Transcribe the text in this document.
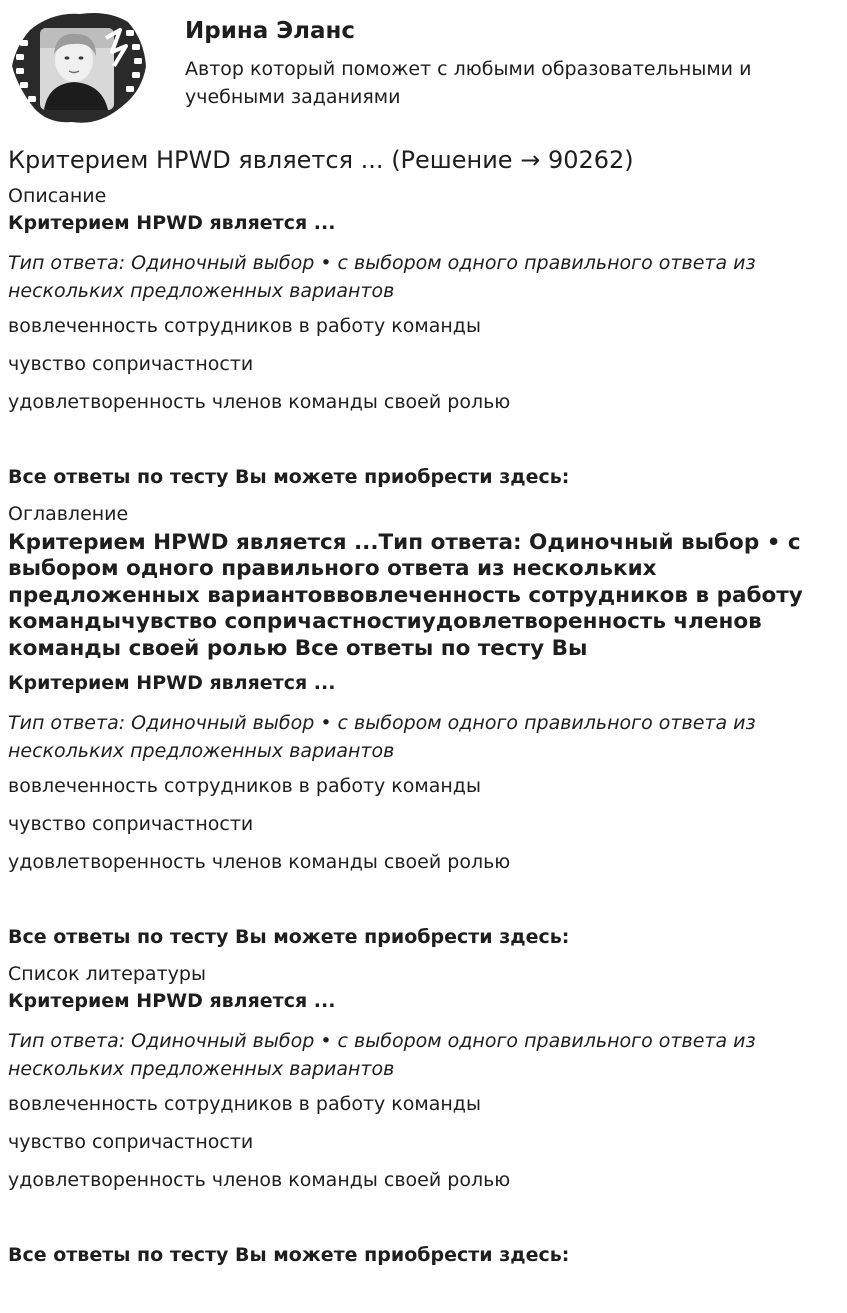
Ирина Эланс
Автор который поможет с любыми образовательными и учебными заданиями
Критерием HPWD является ... (Решение → 90262)
Описание
Критерием HPWD является ...
Тип ответа: Одиночный выбор • с выбором одного правильного ответа из нескольких предложенных вариантов
вовлеченность сотрудников в работу команды
чувство сопричастности
удовлетворенность членов команды своей ролью
Все ответы по тесту Вы можете приобрести здесь:
Оглавление
Критерием HPWD является ...Тип ответа: Одиночный выбор • с выбором одного правильного ответа из нескольких предложенных вариантоввовлеченность сотрудников в работу командычувство сопричастностиудовлетворенность членов команды своей ролью Все ответы по тесту Вы
Критерием HPWD является ...
Тип ответа: Одиночный выбор • с выбором одного правильного ответа из нескольких предложенных вариантов
вовлеченность сотрудников в работу команды
чувство сопричастности
удовлетворенность членов команды своей ролью
Все ответы по тесту Вы можете приобрести здесь:
Список литературы
Критерием HPWD является ...
Тип ответа: Одиночный выбор • с выбором одного правильного ответа из нескольких предложенных вариантов
вовлеченность сотрудников в работу команды
чувство сопричастности
удовлетворенность членов команды своей ролью
Все ответы по тесту Вы можете приобрести здесь:
